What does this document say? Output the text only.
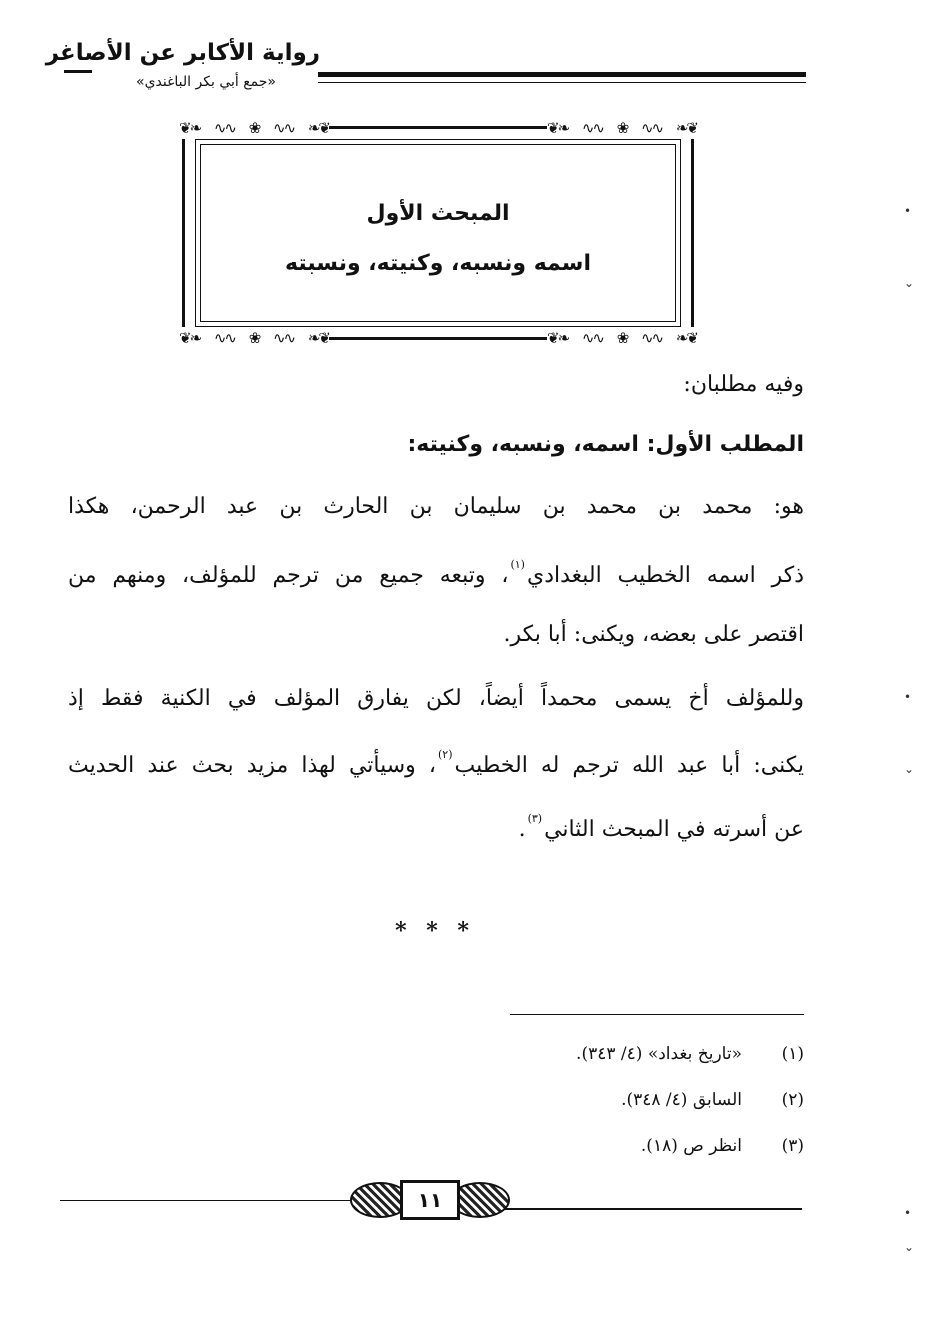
رواية الأكابر عن الأصاغر
«جمع أبي بكر الباغندي»
❦❧ ∿∿ ❀ ∿∿ ❧❦	❦❧ ∿∿ ❀ ∿∿ ❧❦
❦❧ ∿∿ ❀ ∿∿ ❧❦	❦❧ ∿∿ ❀ ∿∿ ❧❦
المبحث الأول
اسمه ونسبه، وكنيته، ونسبته
وفيه مطلبان:
المطلب الأول: اسمه، ونسبه، وكنيته:
هو: محمد بن محمد بن سليمان بن الحارث بن عبد الرحمن، هكذا
ذكر اسمه الخطيب البغدادي$^{(١)}$، وتبعه جميع من ترجم للمؤلف، ومنهم من
اقتصر على بعضه، ويكنى: أبا بكر.
وللمؤلف أخ يسمى محمداً أيضاً، لكن يفارق المؤلف في الكنية فقط إذ
يكنى: أبا عبد الله ترجم له الخطيب$^{(٢)}$، وسيأتي لهذا مزيد بحث عند الحديث
عن أسرته في المبحث الثاني$^{(٣)}$.
* * *
(١)
«تاريخ بغداد» (٤/ ٣٤٣).
(٢)
السابق (٤/ ٣٤٨).
(٣)
انظر ص (١٨).
١١
•
⌄
•
⌄
•
⌄
